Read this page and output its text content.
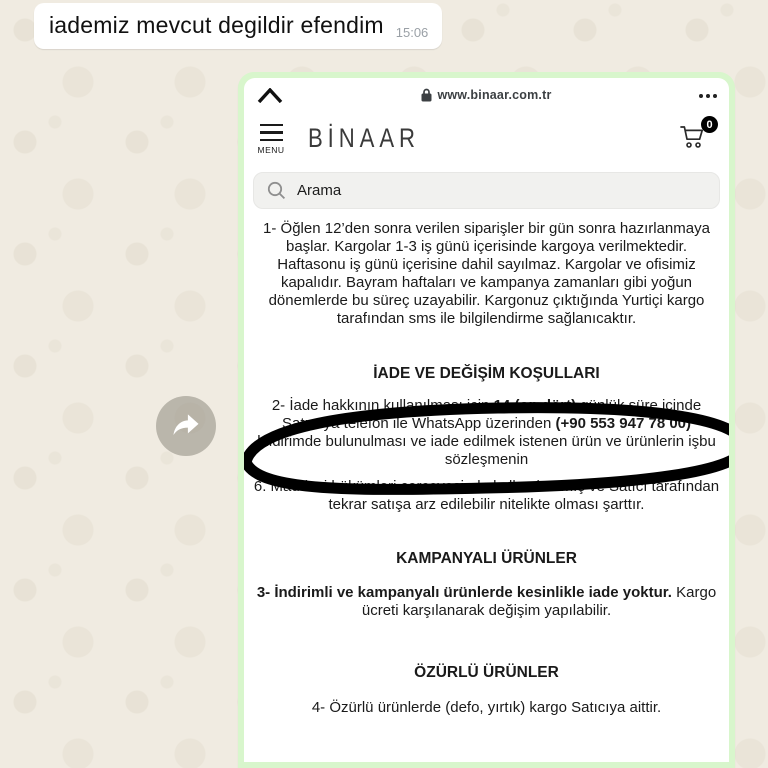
iademiz mevcut degildir efendim $_{15:06}$
www.binaar.com.tr
MENU BİNAAR	0
Arama

1- Öğlen 12’den sonra verilen siparişler bir gün sonra hazırlanmaya başlar. Kargolar 1-3 iş günü içerisinde kargoya verilmektedir. Haftasonu iş günü içerisine dahil sayılmaz. Kargolar ve ofisimiz kapalıdır. Bayram haftaları ve kampanya zamanları gibi yoğun dönemlerde bu süreç uzayabilir. Kargonuz çıktığında Yurtiçi kargo tarafından sms ile bilgilendirme sağlanıcaktır.

İADE VE DEĞİŞİM KOŞULLARI

2- İade hakkının kullanılması için 14 (on dört) günlük süre içinde Satıcı’ya telefon ile WhatsApp üzerinden (+90 553 947 78 00) bildirimde bulunulması ve iade edilmek istenen ürün ve ürünlerin işbu sözleşmenin

6. Maddesi hükümleri çerçevesinde kullanılmamış ve Satıcı tarafından tekrar satışa arz edilebilir nitelikte olması şarttır.

KAMPANYALI ÜRÜNLER

3- İndirimli ve kampanyalı ürünlerde kesinlikle iade yoktur. Kargo ücreti karşılanarak değişim yapılabilir.

ÖZÜRLÜ ÜRÜNLER

4- Özürlü ürünlerde (defo, yırtık) kargo Satıcıya aittir.
